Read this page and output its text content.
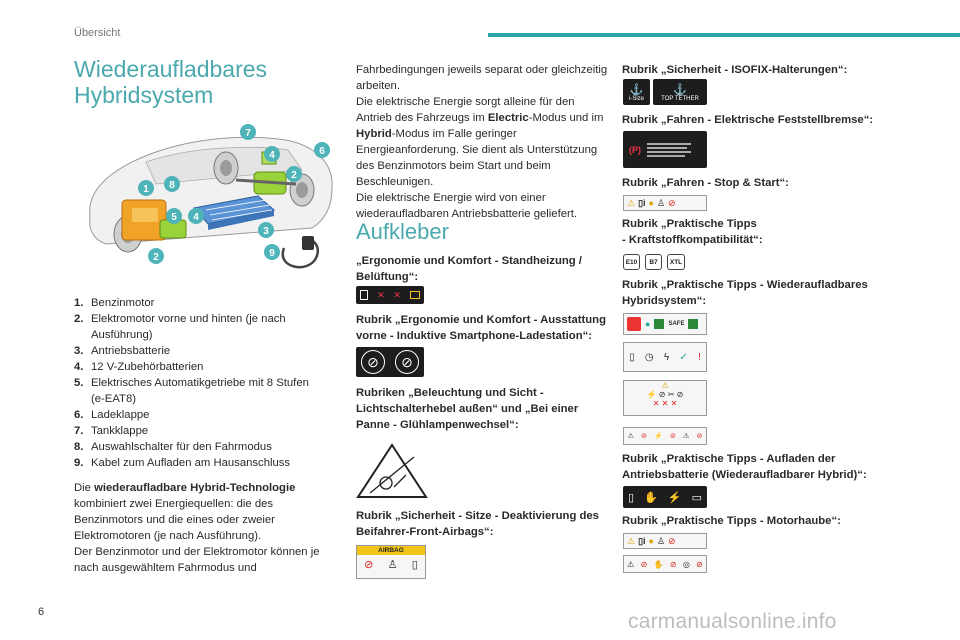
Übersicht
Wiederaufladbares
Hybridsystem
7
6
4
2
1 8
5 4
3
2	9
1. Benzinmotor
2. Elektromotor vorne und hinten (je nach Ausführung)
3. Antriebsbatterie
4. 12 V-Zubehörbatterien
5. Elektrisches Automatikgetriebe mit 8 Stufen (e-EAT8)
6. Ladeklappe
7. Tankklappe
8. Auswahlschalter für den Fahrmodus
9. Kabel zum Aufladen am Hausanschluss

Die wiederaufladbare Hybrid-Technologie kombiniert zwei Energiequellen: die des Benzinmotors und die eines oder zweier Elektromotoren (je nach Ausführung).

Der Benzinmotor und der Elektromotor können je nach ausgewähltem Fahrmodus und

Fahrbedingungen jeweils separat oder gleichzeitig arbeiten.

Die elektrische Energie sorgt alleine für den Antrieb des Fahrzeugs im Electric-Modus und im Hybrid-Modus im Falle geringer Energieanforderung. Sie dient als Unterstützung des Benzinmotors beim Start und beim Beschleunigen.

Die elektrische Energie wird von einer wiederaufladbaren Antriebsbatterie geliefert.

Aufkleber
„Ergonomie und Komfort - Standheizung / Belüftung“:
✕ ✕
Rubrik „Ergonomie und Komfort - Ausstattung vorne - Induktive Smartphone-Ladestation“:
⊘	⊘
Rubriken „Beleuchtung und Sicht - Lichtschalterhebel außen“ und „Bei einer Panne - Glühlampenwechsel“:
Rubrik „Sicherheit - Sitze - Deaktivierung des Beifahrer-Front-Airbags“:
AIRBAG
⊘ ♙ ▯
Rubrik „Sicherheit - ISOFIX-Halterungen“:
⚓
i-Size
⚓
TOP TETHER
Rubrik „Fahren - Elektrische Feststellbremse“:
(P)
Rubrik „Fahren - Stop & Start“:
⚠ ▯i ● ♙ ⊘
Rubrik „Praktische Tipps
- Kraftstoffkompatibilität“:
E10	B7	XTL
Rubrik „Praktische Tipps - Wiederaufladbares Hybridsystem“:
●	SAFE
▯ ◷ ϟ ✓ !
⚠
⚡ ⊘ ✂ ⊘
✕ ✕ ✕
⚠ ⊘ ⚡ ⊘ ⚠ ⊘
Rubrik „Praktische Tipps - Aufladen der Antriebsbatterie (Wiederaufladbarer Hybrid)“:
▯ ✋ ⚡ ▭
Rubrik „Praktische Tipps - Motorhaube“:
⚠ ▯i ● ♙ ⊘
⚠ ⊘ ✋ ⊘ ◎ ⊘
6	carmanualsonline.info
